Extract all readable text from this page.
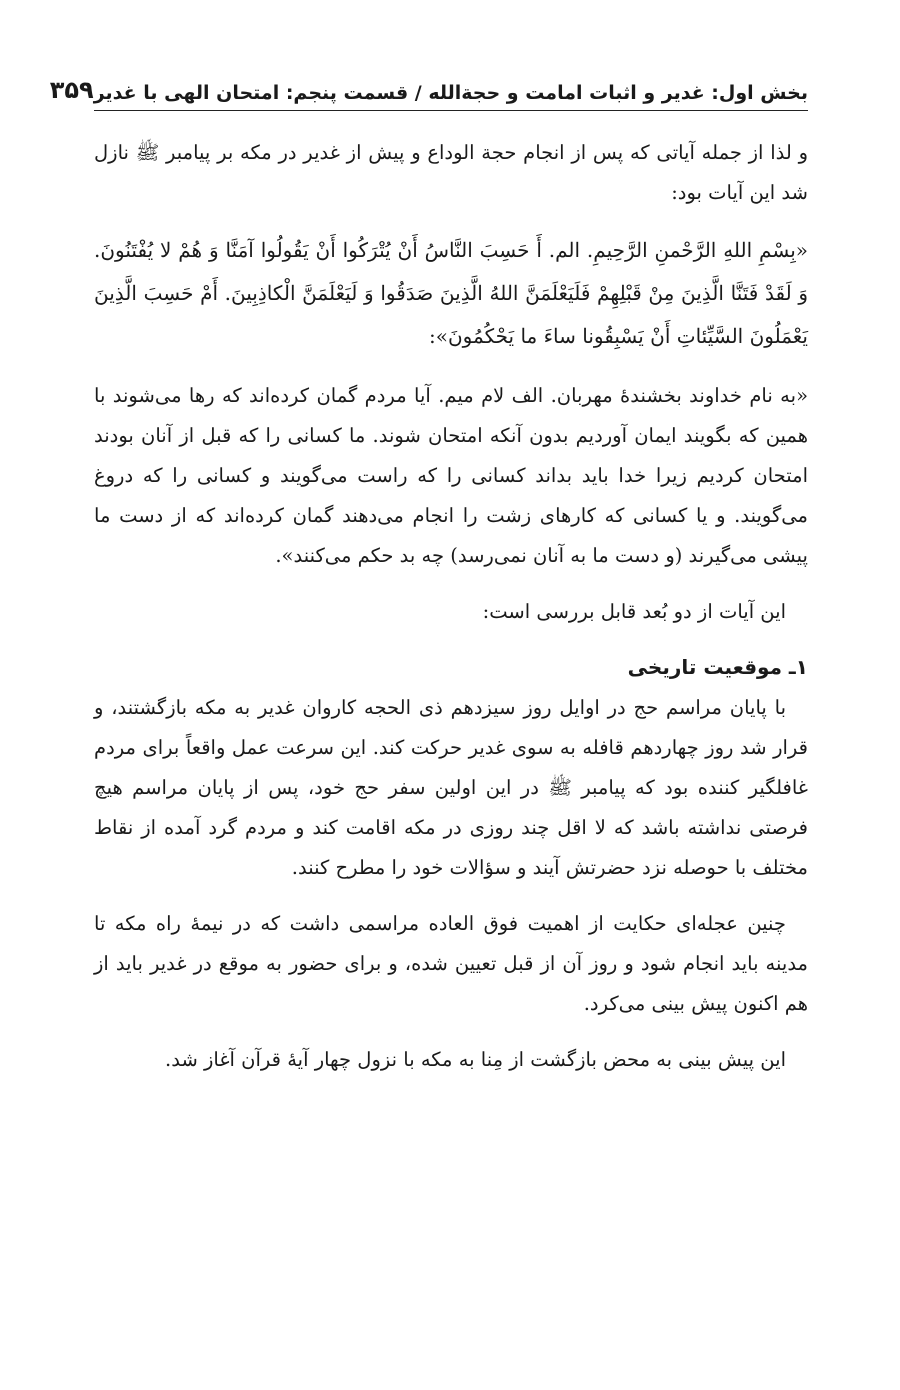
بخش اول: غدیر و اثبات امامت و حجةالله / قسمت پنجم: امتحان الهی با غدیر
۳۵۹

و لذا از جمله آیاتی که پس از انجام حجة الوداع و پیش از غدیر در مکه بر پیامبر ﷺ نازل شد این آیات بود:

«بِسْمِ اللهِ الرَّحْمنِ الرَّحِيمِ. الم. أَ حَسِبَ النَّاسُ أَنْ يُتْرَكُوا أَنْ يَقُولُوا آمَنَّا وَ هُمْ لا يُفْتَنُونَ. وَ لَقَدْ فَتَنَّا الَّذِينَ مِنْ قَبْلِهِمْ فَلَيَعْلَمَنَّ اللهُ الَّذِينَ صَدَقُوا وَ لَيَعْلَمَنَّ الْكاذِبِينَ. أَمْ حَسِبَ الَّذِينَ يَعْمَلُونَ السَّيِّئاتِ أَنْ يَسْبِقُونا ساءَ ما يَحْكُمُونَ»:

«به نام خداوند بخشندهٔ مهربان. الف لام میم. آیا مردم گمان کرده‌اند که رها می‌شوند با همین که بگویند ایمان آوردیم بدون آنکه امتحان شوند. ما کسانی را که قبل از آنان بودند امتحان کردیم زیرا خدا باید بداند کسانی را که راست می‌گویند و کسانی را که دروغ می‌گویند. و یا کسانی که کارهای زشت را انجام می‌دهند گمان کرده‌اند که از دست ما پیشی می‌گیرند (و دست ما به آنان نمی‌رسد) چه بد حکم می‌کنند».

این آیات از دو بُعد قابل بررسی است:

۱ـ موقعیت تاریخی

با پایان مراسم حج در اوایل روز سیزدهم ذی الحجه کاروان غدیر به مکه بازگشتند، و قرار شد روز چهاردهم قافله به سوی غدیر حرکت کند. این سرعت عمل واقعاً برای مردم غافلگیر کننده بود که پیامبر ﷺ در این اولین سفر حج خود، پس از پایان مراسم هیچ فرصتی نداشته باشد که لا اقل چند روزی در مکه اقامت کند و مردم گرد آمده از نقاط مختلف با حوصله نزد حضرتش آیند و سؤالات خود را مطرح کنند.

چنین عجله‌ای حکایت از اهمیت فوق العاده مراسمی داشت که در نیمهٔ راه مکه تا مدینه باید انجام شود و روز آن از قبل تعیین شده، و برای حضور به موقع در غدیر باید از هم اکنون پیش بینی می‌کرد.

این پیش بینی به محض بازگشت از مِنا به مکه با نزول چهار آیهٔ قرآن آغاز شد.
